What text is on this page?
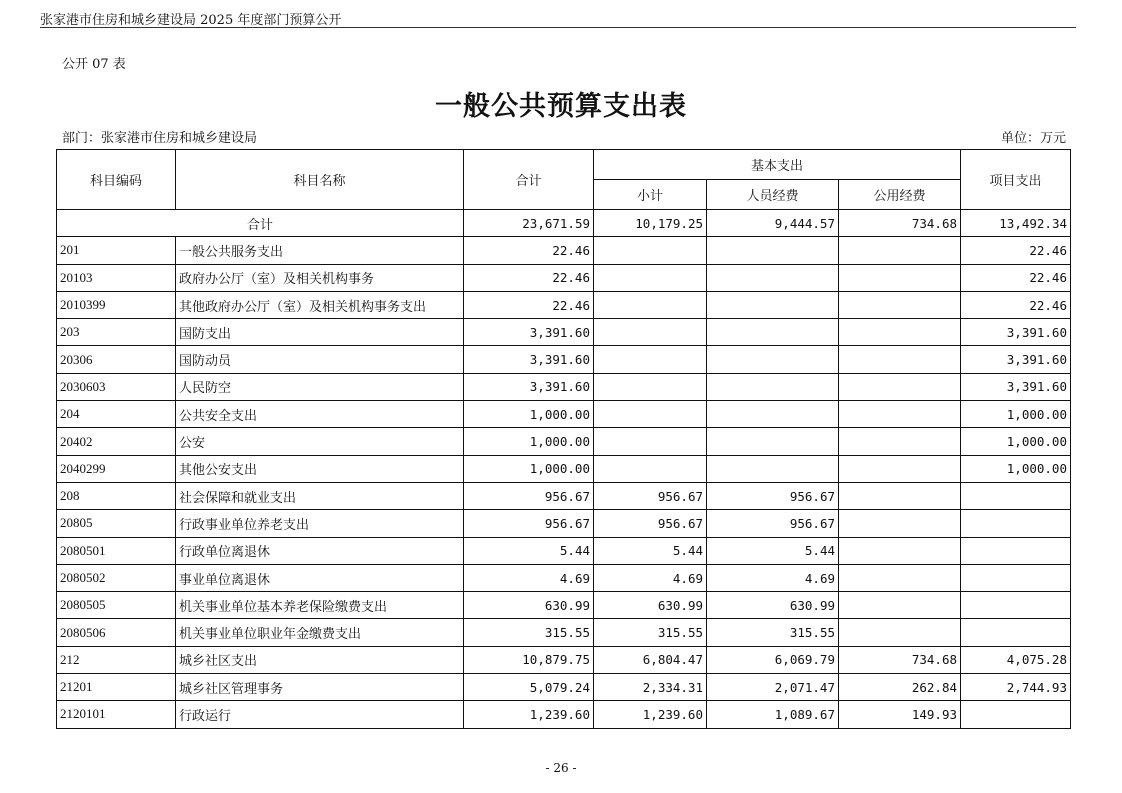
张家港市住房和城乡建设局 2025 年度部门预算公开
公开 07 表
一般公共预算支出表
部门：张家港市住房和城乡建设局	单位：万元
科目编码	科目名称	合计	基本支出			项目支出
			小计	人员经费	公用经费	
合计		23,671.59	10,179.25	9,444.57	734.68	13,492.34
201	一般公共服务支出	22.46				22.46
20103	政府办公厅（室）及相关机构事务	22.46				22.46
2010399	其他政府办公厅（室）及相关机构事务支出	22.46				22.46
203	国防支出	3,391.60				3,391.60
20306	国防动员	3,391.60				3,391.60
2030603	人民防空	3,391.60				3,391.60
204	公共安全支出	1,000.00				1,000.00
20402	公安	1,000.00				1,000.00
2040299	其他公安支出	1,000.00				1,000.00
208	社会保障和就业支出	956.67	956.67	956.67		
20805	行政事业单位养老支出	956.67	956.67	956.67		
2080501	行政单位离退休	5.44	5.44	5.44		
2080502	事业单位离退休	4.69	4.69	4.69		
2080505	机关事业单位基本养老保险缴费支出	630.99	630.99	630.99		
2080506	机关事业单位职业年金缴费支出	315.55	315.55	315.55		
212	城乡社区支出	10,879.75	6,804.47	6,069.79	734.68	4,075.28
21201	城乡社区管理事务	5,079.24	2,334.31	2,071.47	262.84	2,744.93
2120101	行政运行	1,239.60	1,239.60	1,089.67	149.93	
- 26 -
